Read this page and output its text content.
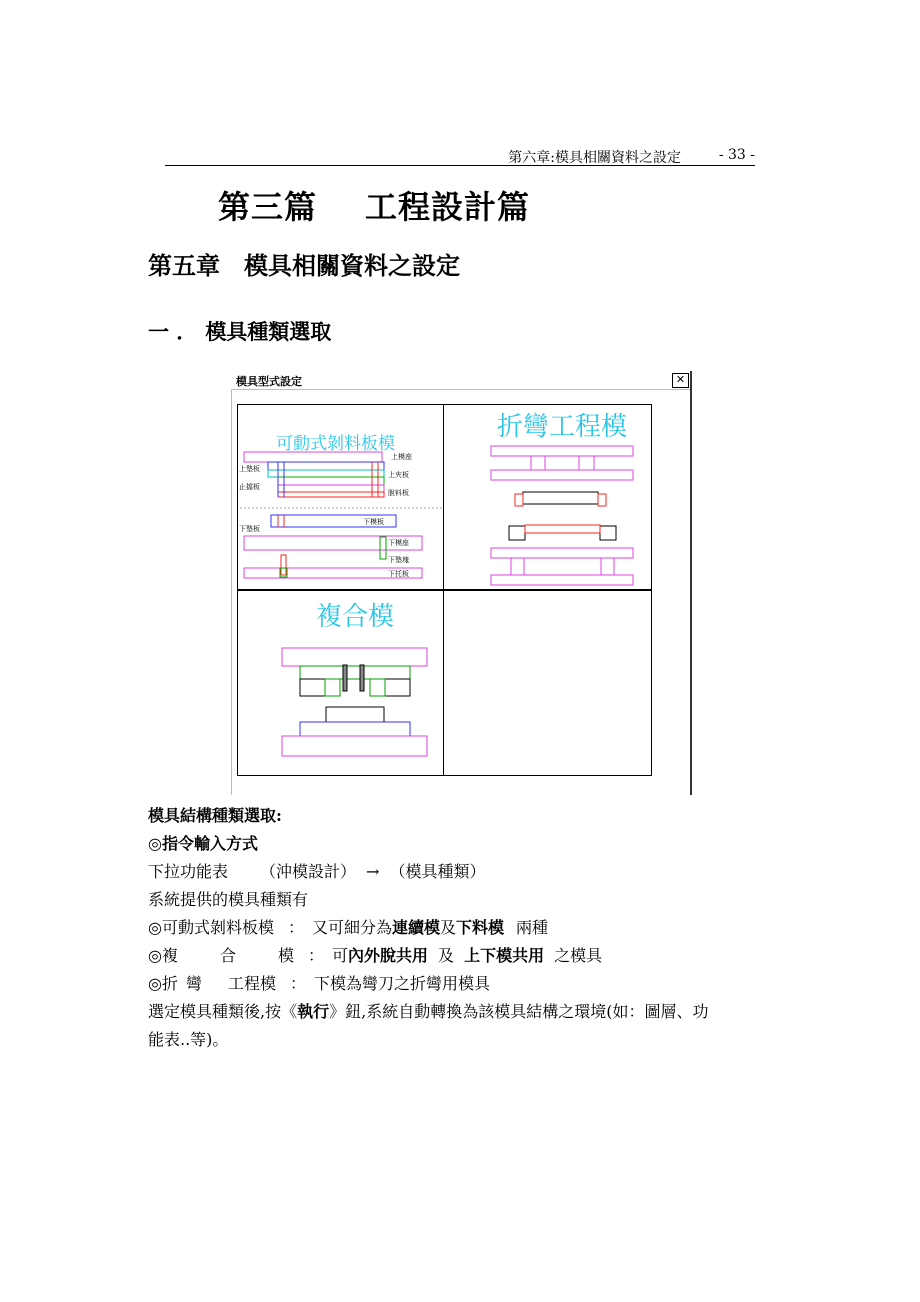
第六章:模具相關資料之設定	- 33 -
第三篇 工程設計篇
第五章 模具相關資料之設定
一 ． 模具種類選取
模具型式設定	✕
可動式剝料板模
上模座
上墊板
上夾板
止擋板
脫料板
下模板
下墊板
下模座
下墊塊
下托板
折彎工程模
複合模
模具結構種類選取:
◎指令輸入方式
下拉功能表 （沖模設計） → （模具種類）
系統提供的模具種類有
◎可動式剝料板模 ： 又可細分為連續模及下料模 兩種
◎複	合	模 ： 可內外脫共用 及 上下模共用 之模具
◎折 彎 工程模 ： 下模為彎刀之折彎用模具
選定模具種類後,按《執行》鈕,系統自動轉換為該模具結構之環境(如：圖層、功
能表..等)。
